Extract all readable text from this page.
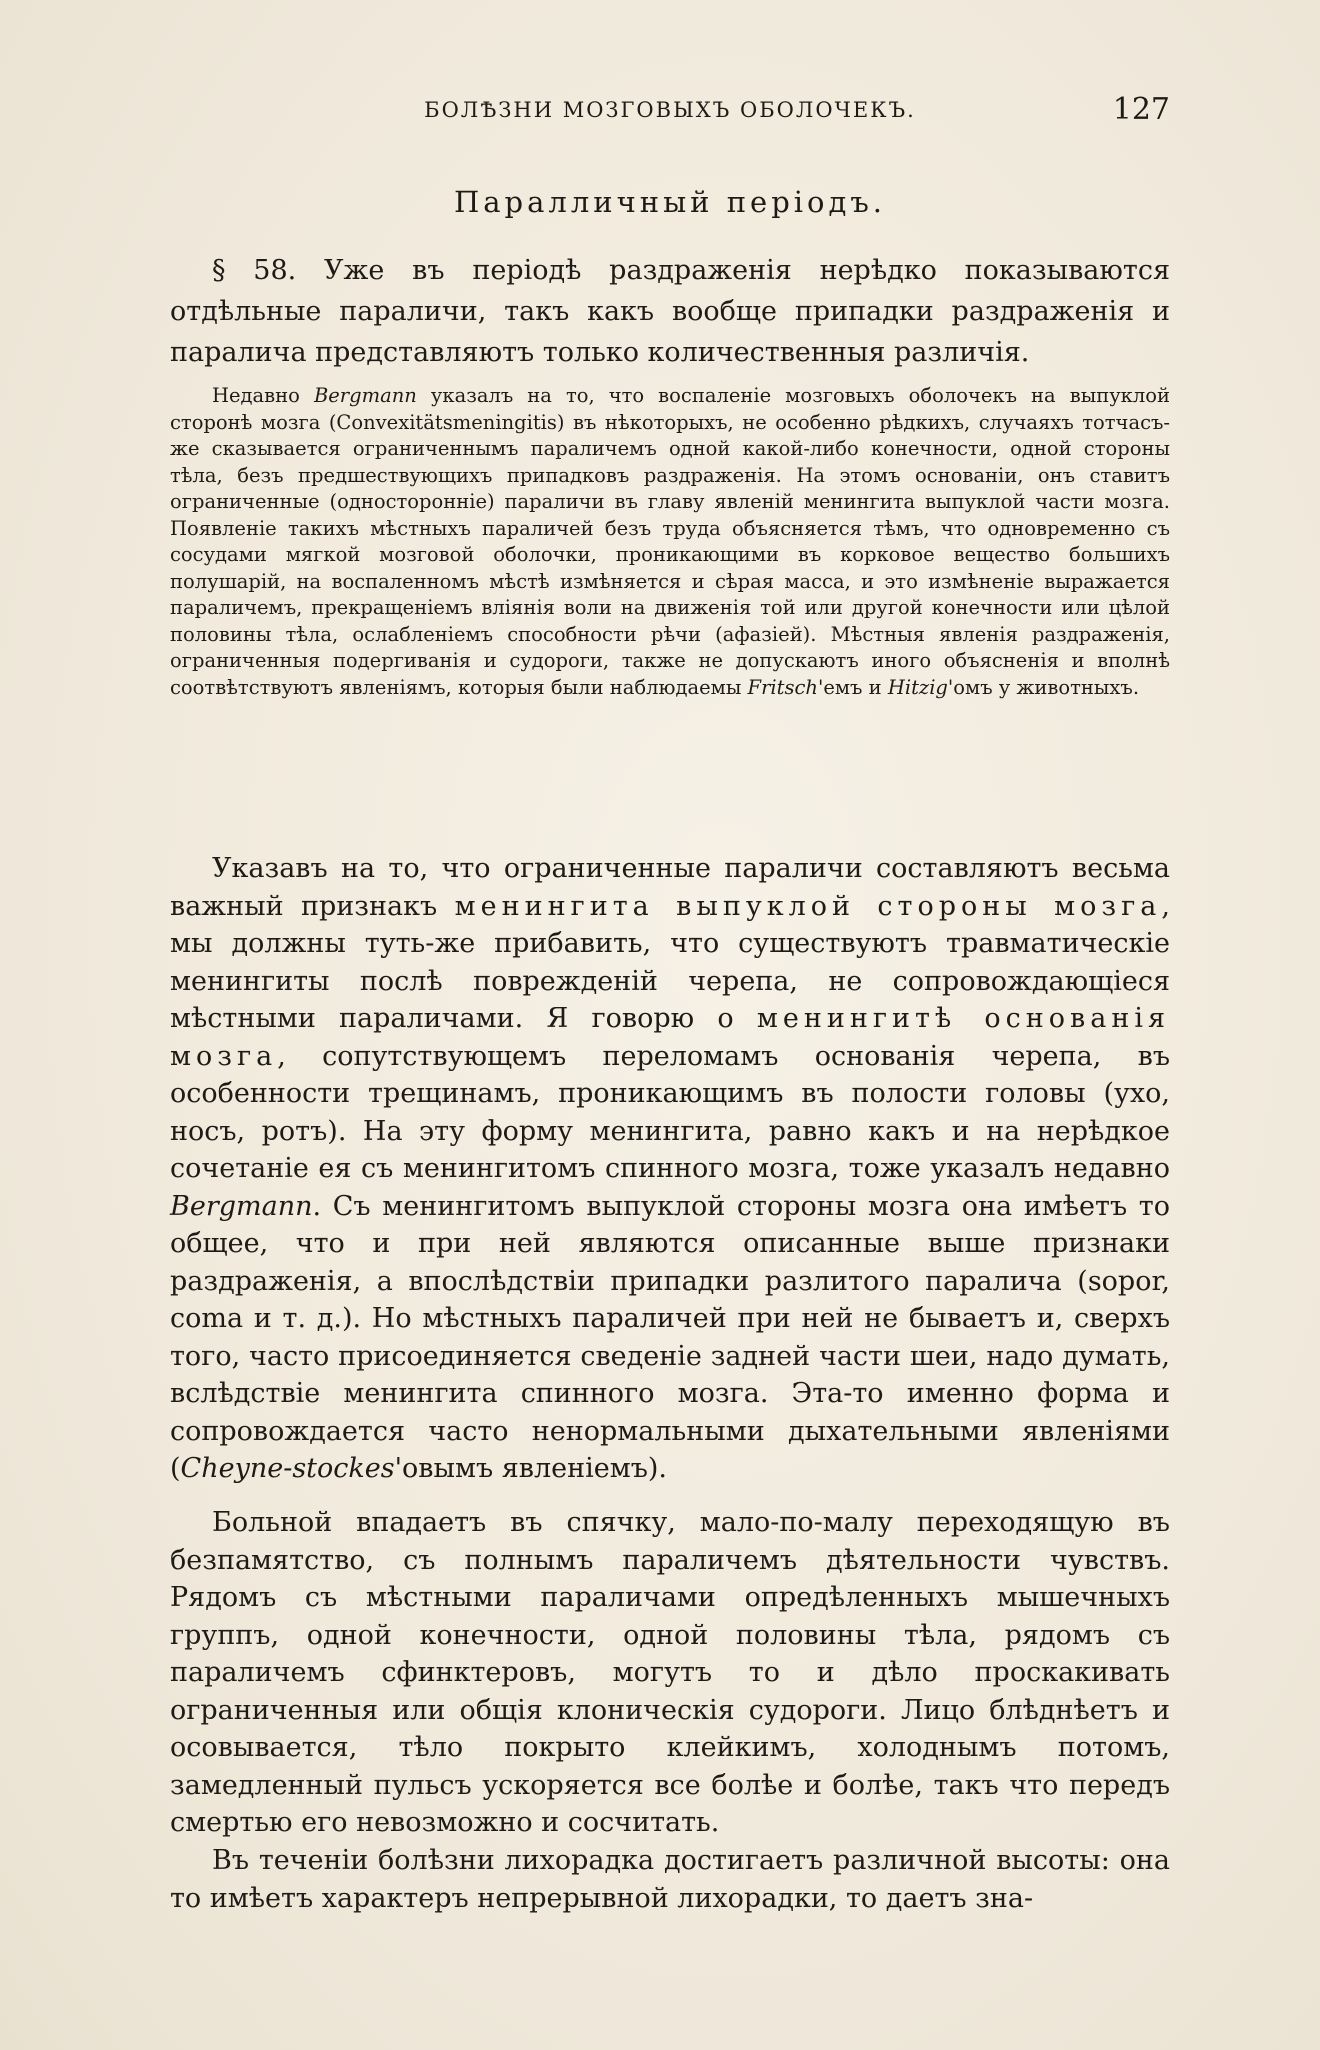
БОЛѢЗНИ МОЗГОВЫХЪ ОБОЛОЧЕКЪ.	127
Паралличный періодъ.

§ 58. Уже въ періодѣ раздраженія нерѣдко показываются отдѣльные параличи, такъ какъ вообще припадки раздраженія и паралича представляютъ только количественныя различія.

Недавно Bergmann указалъ на то, что воспаленіе мозговыхъ оболочекъ на выпуклой сторонѣ мозга (Convexitätsmeningitis) въ нѣкоторыхъ, не особенно рѣдкихъ, случаяхъ тотчасъ-же сказывается ограниченнымъ параличемъ одной какой-либо конечности, одной стороны тѣла, безъ предшествующихъ припадковъ раздраженія. На этомъ основаніи, онъ ставитъ ограниченные (односторонніе) параличи въ главу явленій менингита выпуклой части мозга. Появленіе такихъ мѣстныхъ параличей безъ труда объясняется тѣмъ, что одновременно съ сосудами мягкой мозговой оболочки, проникающими въ корковое вещество большихъ полушарій, на воспаленномъ мѣстѣ измѣняется и сѣрая масса, и это измѣненіе выражается параличемъ, прекращеніемъ вліянія воли на движенія той или другой конечности или цѣлой половины тѣла, ослабленіемъ способности рѣчи (афазіей). Мѣстныя явленія раздраженія, ограниченныя подергиванія и судороги, также не допускаютъ иного объясненія и вполнѣ соотвѣтствуютъ явленіямъ, которыя были наблюдаемы Fritsch'емъ и Hitzig'омъ у животныхъ.

Указавъ на то, что ограниченные параличи составляютъ весьма важный признакъ менингита выпуклой стороны мозга, мы должны туть-же прибавить, что существуютъ травматическіе менингиты послѣ поврежденій черепа, не сопровождающіеся мѣстными параличами. Я говорю о менингитѣ основанія мозга, сопутствующемъ переломамъ основанія черепа, въ особенности трещинамъ, проникающимъ въ полости головы (ухо, носъ, ротъ). На эту форму менингита, равно какъ и на нерѣдкое сочетаніе ея съ менингитомъ спинного мозга, тоже указалъ недавно Bergmann. Съ менингитомъ выпуклой стороны мозга она имѣетъ то общее, что и при ней являются описанные выше признаки раздраженія, а впослѣдствіи припадки разлитого паралича (sopor, coma и т. д.). Но мѣстныхъ параличей при ней не бываетъ и, сверхъ того, часто присоединяется сведеніе задней части шеи, надо думать, вслѣдствіе менингита спинного мозга. Эта-то именно форма и сопровождается часто ненормальными дыхательными явленіями (Cheyne-stockes'овымъ явленіемъ).

Больной впадаетъ въ спячку, мало-по-малу переходящую въ безпамятство, съ полнымъ параличемъ дѣятельности чувствъ. Рядомъ съ мѣстными параличами опредѣленныхъ мышечныхъ группъ, одной конечности, одной половины тѣла, рядомъ съ параличемъ сфинктеровъ, могутъ то и дѣло проскакивать ограниченныя или общія клоническія судороги. Лицо блѣднѣетъ и осовывается, тѣло покрыто клейкимъ, холоднымъ потомъ, замедленный пульсъ ускоряется все болѣе и болѣе, такъ что передъ смертью его невозможно и сосчитать.

Въ теченіи болѣзни лихорадка достигаетъ различной высоты: она то имѣетъ характеръ непрерывной лихорадки, то даетъ зна-
